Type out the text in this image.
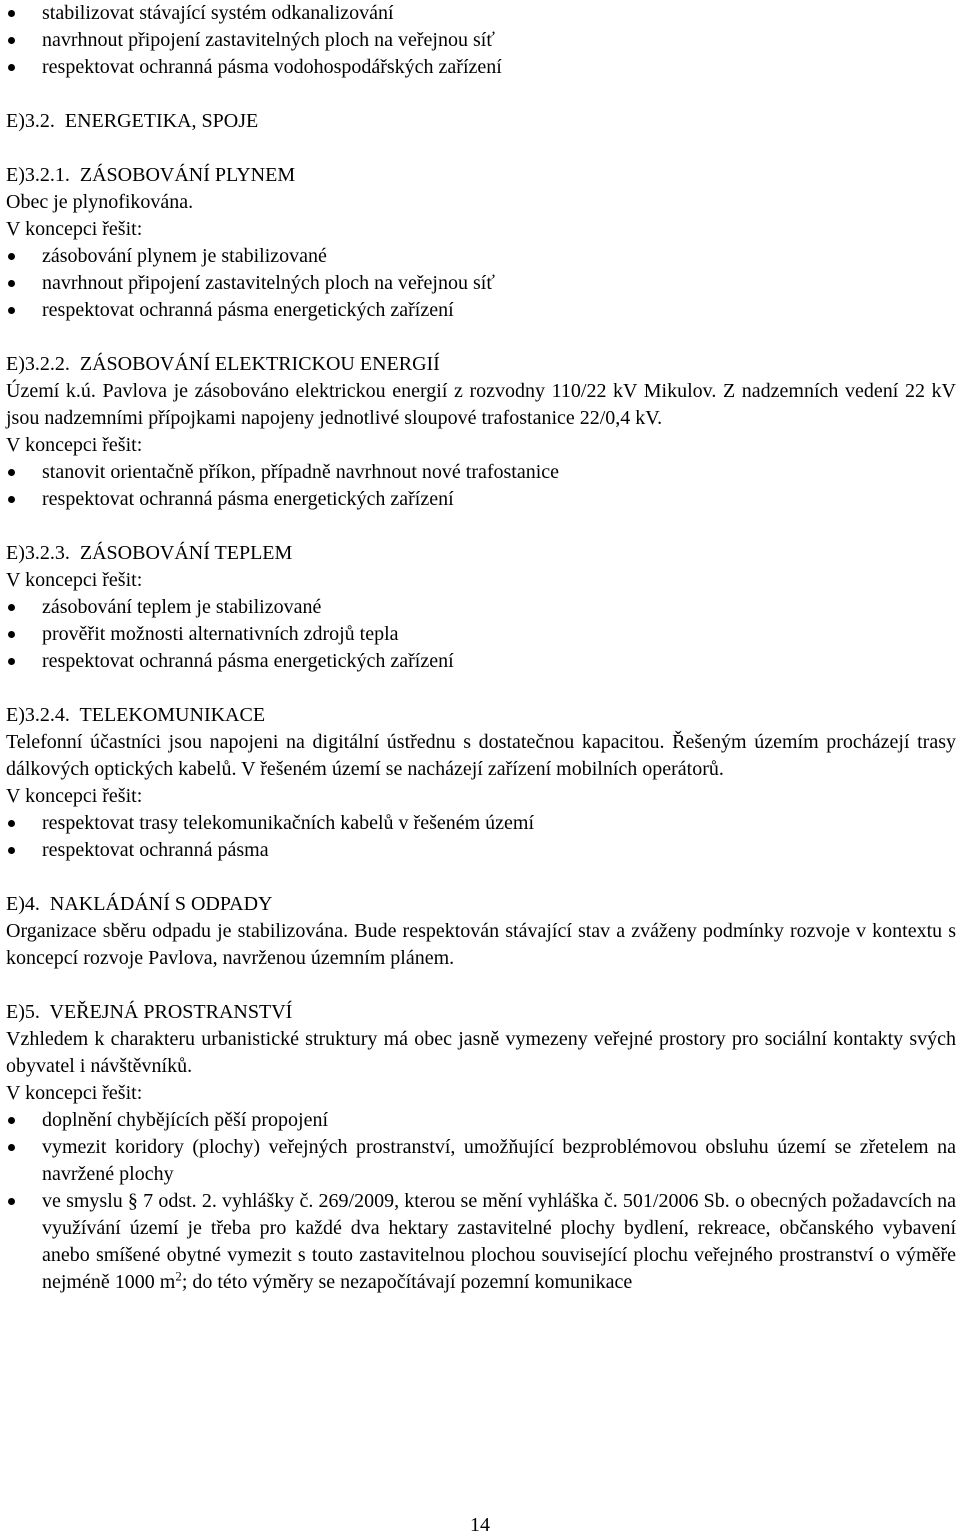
stabilizovat stávající systém odkanalizování
navrhnout připojení zastavitelných ploch na veřejnou síť
respektovat ochranná pásma vodohospodářských zařízení
E)3.2.  ENERGETIKA, SPOJE
E)3.2.1.  ZÁSOBOVÁNÍ PLYNEM
Obec je plynofikována.
V koncepci řešit:
zásobování plynem je stabilizované
navrhnout připojení zastavitelných ploch na veřejnou síť
respektovat ochranná pásma energetických zařízení
E)3.2.2.  ZÁSOBOVÁNÍ ELEKTRICKOU ENERGIÍ
Území k.ú. Pavlova je zásobováno elektrickou energií z rozvodny 110/22 kV Mikulov. Z nadzemních vedení 22 kV jsou nadzemními přípojkami napojeny jednotlivé sloupové trafostanice 22/0,4 kV.
V koncepci řešit:
stanovit orientačně příkon, případně navrhnout nové trafostanice
respektovat ochranná pásma energetických zařízení
E)3.2.3.  ZÁSOBOVÁNÍ TEPLEM
V koncepci řešit:
zásobování teplem je stabilizované
prověřit možnosti alternativních zdrojů tepla
respektovat ochranná pásma energetických zařízení
E)3.2.4.  TELEKOMUNIKACE
Telefonní účastníci jsou napojeni na digitální ústřednu s dostatečnou kapacitou. Řešeným územím procházejí trasy dálkových optických kabelů. V řešeném území se nacházejí zařízení mobilních operátorů.
V koncepci řešit:
respektovat trasy telekomunikačních kabelů v řešeném území
respektovat ochranná pásma
E)4.  NAKLÁDÁNÍ S ODPADY
Organizace sběru odpadu je stabilizována. Bude respektován stávající stav a zváženy podmínky rozvoje v kontextu s koncepcí rozvoje Pavlova, navrženou územním plánem.
E)5.  VEŘEJNÁ PROSTRANSTVÍ
Vzhledem k charakteru urbanistické struktury má obec jasně vymezeny veřejné prostory pro sociální kontakty svých obyvatel i návštěvníků.
V koncepci řešit:
doplnění chybějících pěší propojení
vymezit koridory (plochy) veřejných prostranství, umožňující bezproblémovou obsluhu území se zřetelem na navržené plochy
ve smyslu § 7 odst. 2. vyhlášky č. 269/2009, kterou se mění vyhláška č. 501/2006 Sb. o obecných požadavcích na využívání území je třeba pro každé dva hektary zastavitelné plochy bydlení, rekreace, občanského vybavení anebo smíšené obytné vymezit s touto zastavitelnou plochou související plochu veřejného prostranství o výměře nejméně 1000 $m^2$; do této výměry se nezapočítávají pozemní komunikace
14
